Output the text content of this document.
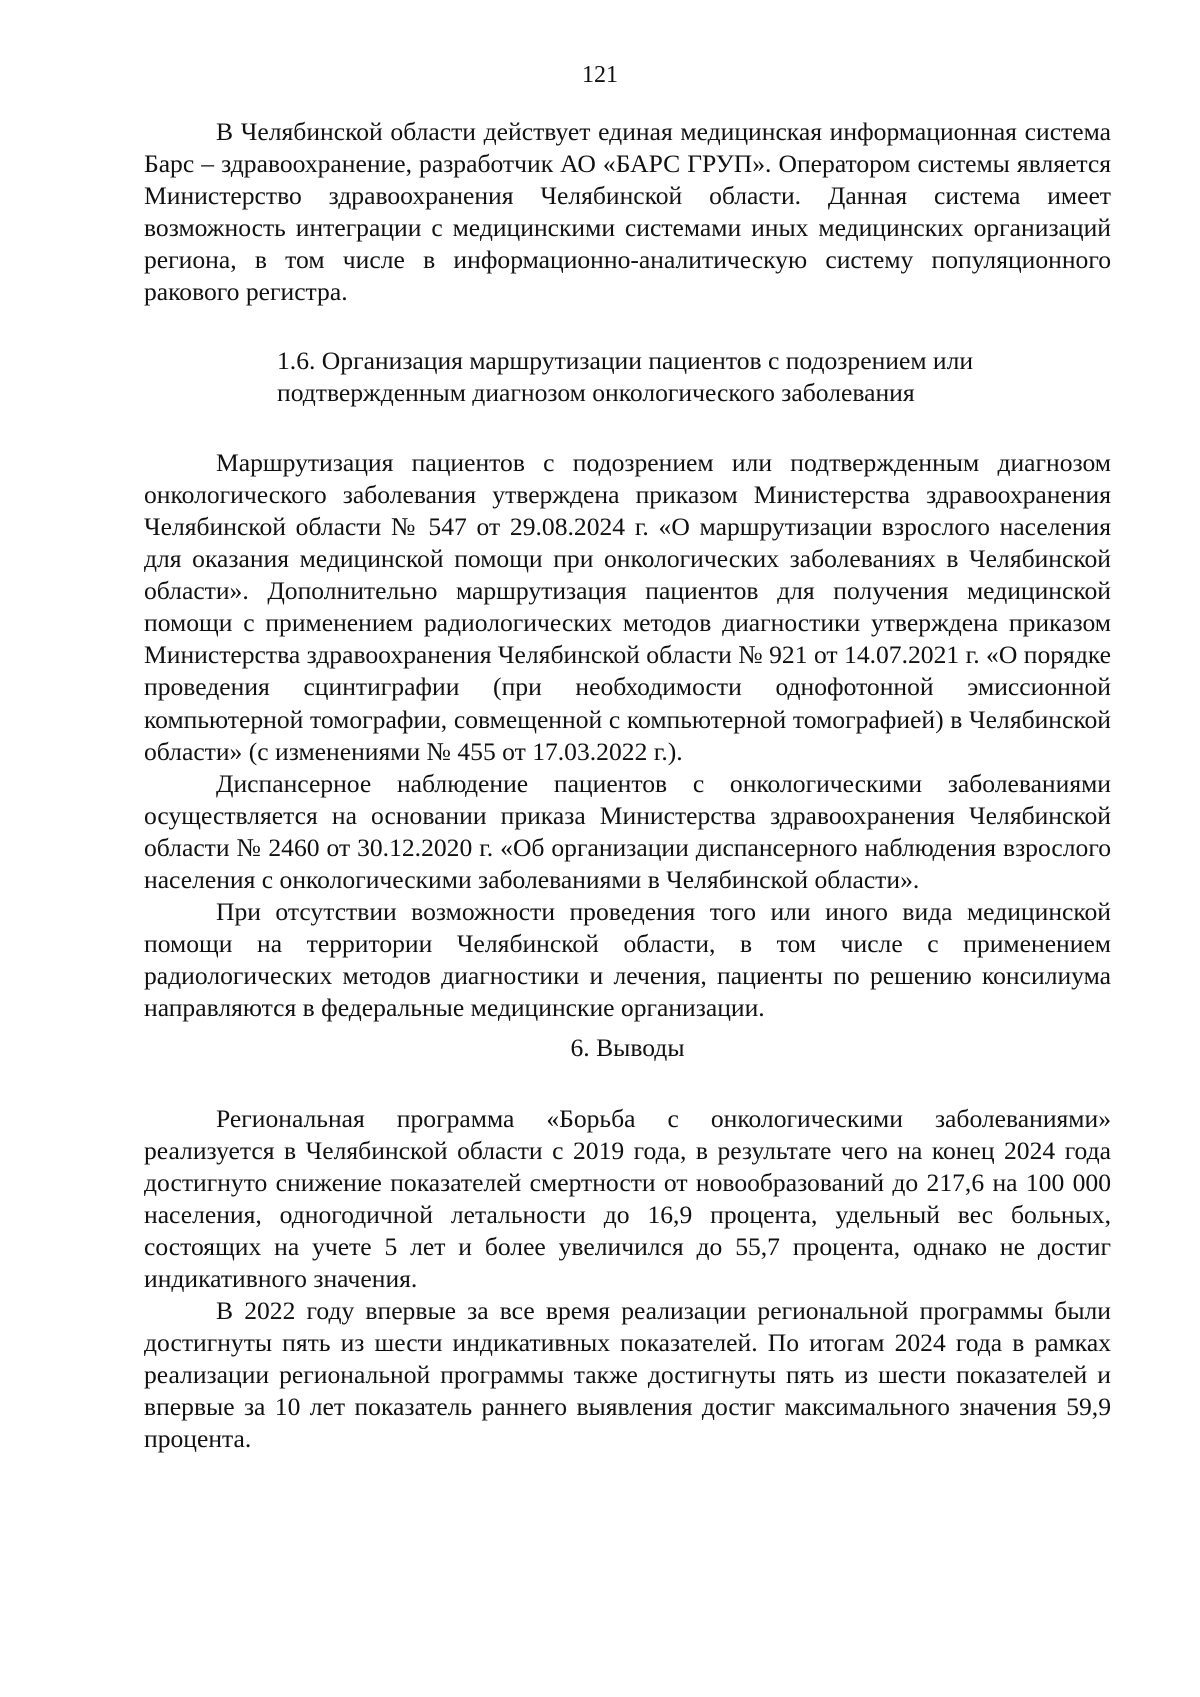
121

В Челябинской области действует единая медицинская информационная система Барс – здравоохранение, разработчик АО «БАРС ГРУП». Оператором системы является Министерство здравоохранения Челябинской области. Данная система имеет возможность интеграции с медицинскими системами иных медицинских организаций региона, в том числе в информационно-аналитическую систему популяционного ракового регистра.

1.6. Организация маршрутизации пациентов с подозрением или подтвержденным диагнозом онкологического заболевания

Маршрутизация пациентов с подозрением или подтвержденным диагнозом онкологического заболевания утверждена приказом Министерства здравоохранения Челябинской области № 547 от 29.08.2024 г. «О маршрутизации взрослого населения для оказания медицинской помощи при онкологических заболеваниях в Челябинской области». Дополнительно маршрутизация пациентов для получения медицинской помощи с применением радиологических методов диагностики утверждена приказом Министерства здравоохранения Челябинской области № 921 от 14.07.2021 г. «О порядке проведения сцинтиграфии (при необходимости однофотонной эмиссионной компьютерной томографии, совмещенной с компьютерной томографией) в Челябинской области» (с изменениями № 455 от 17.03.2022 г.).

Диспансерное наблюдение пациентов с онкологическими заболеваниями осуществляется на основании приказа Министерства здравоохранения Челябинской области № 2460 от 30.12.2020 г. «Об организации диспансерного наблюдения взрослого населения с онкологическими заболеваниями в Челябинской области».

При отсутствии возможности проведения того или иного вида медицинской помощи на территории Челябинской области, в том числе с применением радиологических методов диагностики и лечения, пациенты по решению консилиума направляются в федеральные медицинские организации.

6. Выводы

Региональная программа «Борьба с онкологическими заболеваниями» реализуется в Челябинской области с 2019 года, в результате чего на конец 2024 года достигнуто снижение показателей смертности от новообразований до 217,6 на 100 000 населения, одногодичной летальности до 16,9 процента, удельный вес больных, состоящих на учете 5 лет и более увеличился до 55,7 процента, однако не достиг индикативного значения.

В 2022 году впервые за все время реализации региональной программы были достигнуты пять из шести индикативных показателей. По итогам 2024 года в рамках реализации региональной программы также достигнуты пять из шести показателей и впервые за 10 лет показатель раннего выявления достиг максимального значения 59,9 процента.
